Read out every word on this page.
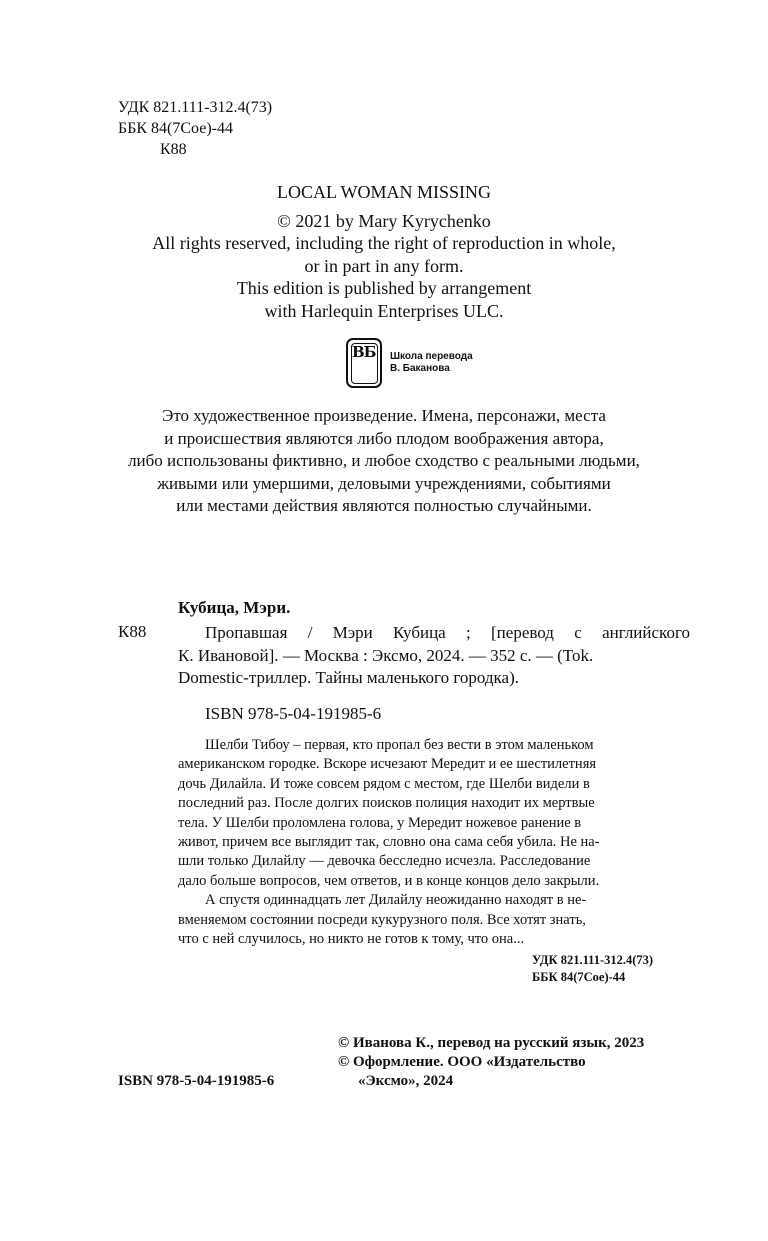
УДК 821.111-312.4(73)
ББК 84(7Сое)-44
К88
LOCAL WOMAN MISSING
© 2021 by Mary Kyrychenko
All rights reserved, including the right of reproduction in whole,
or in part in any form.
This edition is published by arrangement
with Harlequin Enterprises ULC.
ВБ Школа перевода
В. Баканова
Это художественное произведение. Имена, персонажи, места
и происшествия являются либо плодом воображения автора,
либо использованы фиктивно, и любое сходство с реальными людьми,
живыми или умершими, деловыми учреждениями, событиями
или местами действия являются полностью случайными.
Кубица, Мэри.
К88	Пропавшая / Мэри Кубица ; [перевод с английского
К. Ивановой]. — Москва : Эксмо, 2024. — 352 с. — (Tok.
Domestic-триллер. Тайны маленького городка).
ISBN 978-5-04-191985-6
Шелби Тибоу – первая, кто пропал без вести в этом маленьком
американском городке. Вскоре исчезают Мередит и ее шестилетняя
дочь Дилайла. И тоже совсем рядом с местом, где Шелби видели в
последний раз. После долгих поисков полиция находит их мертвые
тела. У Шелби проломлена голова, у Мередит ножевое ранение в
живот, причем все выглядит так, словно она сама себя убила. Не на-
шли только Дилайлу — девочка бесследно исчезла. Расследование
дало больше вопросов, чем ответов, и в конце концов дело закрыли.
А спустя одиннадцать лет Дилайлу неожиданно находят в не-
вменяемом состоянии посреди кукурузного поля. Все хотят знать,
что с ней случилось, но никто не готов к тому, что она...
УДК 821.111-312.4(73)
ББК 84(7Сое)-44
© Иванова К., перевод на русский язык, 2023
© Оформление. ООО «Издательство
«Эксмо», 2024
ISBN 978-5-04-191985-6
